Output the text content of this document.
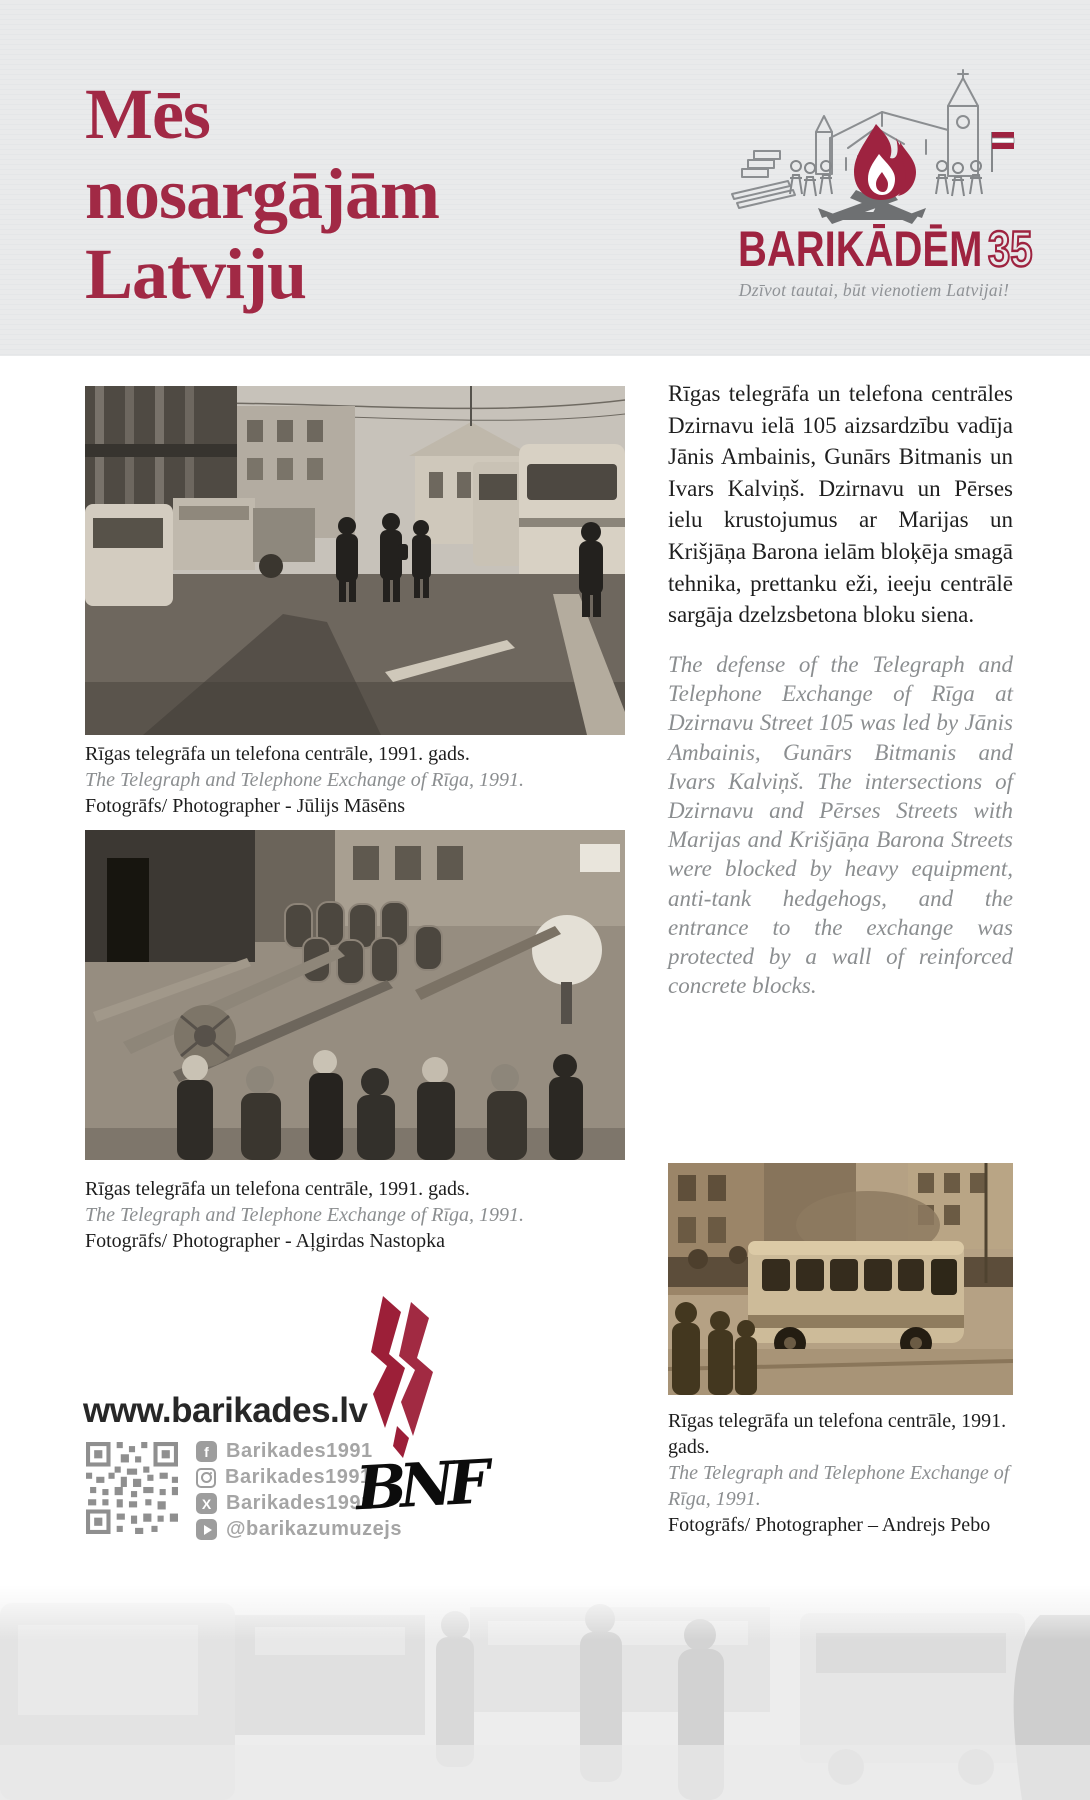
Mēs
nosargājām
Latviju	BARIKĀDĒM 35
Dzīvot tautai, būt vienotiem Latvijai!
Rīgas telegrāfa un telefona centrāle, 1991. gads.
The Telegraph and Telephone Exchange of Rīga, 1991.
Fotogrāfs/ Photographer - Jūlijs Māsēns

Rīgas telegrāfa un telefona centrāles Dzirnavu ielā 105 aizsardzību vadīja Jānis Ambainis, Gunārs Bitmanis un Ivars Kalviņš. Dzirnavu un Pērses ielu krustojumus ar Marijas un Krišjāņa Barona ielām bloķēja smagā tehnika, prettanku eži, ieeju centrālē sargāja dzelzsbetona bloku siena.

The defense of the Telegraph and Telephone Exchange of Rīga at Dzirnavu Street 105 was led by Jānis Ambainis, Gunārs Bitmanis and Ivars Kalviņš. The intersections of Dzirnavu and Pērses Streets with Marijas and Krišjāņa Barona Streets were blocked by heavy equipment, anti-tank hedgehogs, and the entrance to the exchange was protected by a wall of reinforced concrete blocks.

Rīgas telegrāfa un telefona centrāle, 1991. gads.
The Telegraph and Telephone Exchange of Rīga, 1991.
Fotogrāfs/ Photographer - Aļgirdas Nastopka
Rīgas telegrāfa un telefona centrāle, 1991. gads.
The Telegraph and Telephone Exchange of Rīga, 1991.
Fotogrāfs/ Photographer – Andrejs Pebo
www.barikades.lv
f Barikades1991
Barikades1991
X Barikades1991
@barikazumuzejs
BNF
